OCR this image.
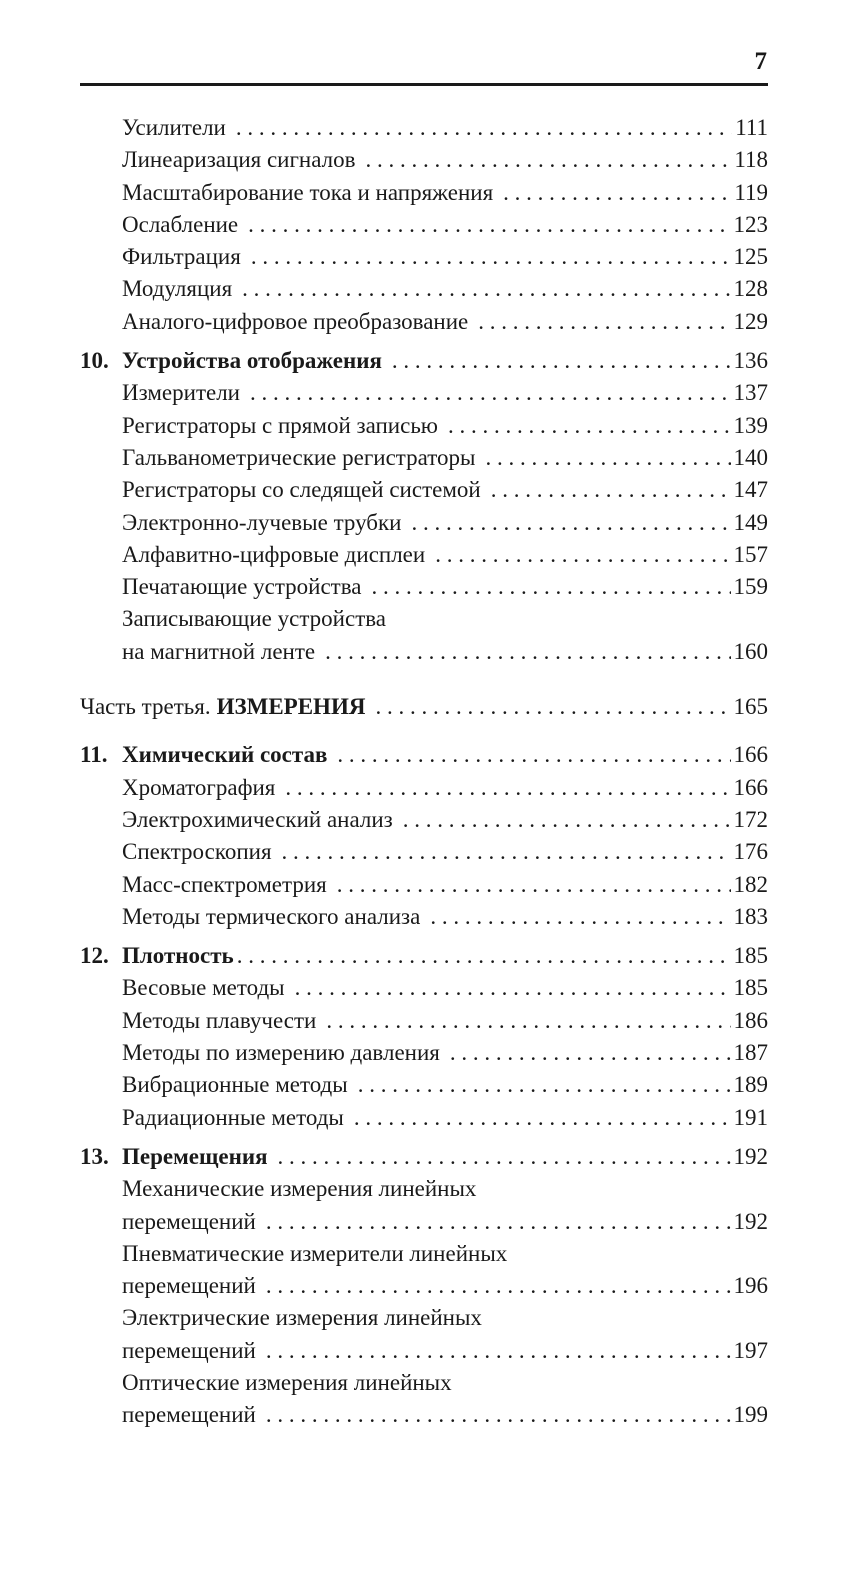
7
Усилители . . .	111
Линеаризация сигналов . . .	118
Масштабирование тока и напряжения . . .	119
Ослабление . . .	123
Фильтрация . . .	125
Модуляция . . .	128
Аналого-цифровое преобразование . . .	129
10. Устройства отображения . . .	136
Измерители . . .	137
Регистраторы с прямой записью . . .	139
Гальванометрические регистраторы . . .	140
Регистраторы со следящей системой . . .	147
Электронно-лучевые трубки . . .	149
Алфавитно-цифровые дисплеи . . .	157
Печатающие устройства . . .	159
Записывающие устройства
на магнитной ленте . . .	160
Часть третья. ИЗМЕРЕНИЯ . . .	165
11. Химический состав . . .	166
Хроматография . . .	166
Электрохимический анализ . . .	172
Спектроскопия . . .	176
Масс-спектрометрия . . .	182
Методы термического анализа . . .	183
12. Плотность . . .	185
Весовые методы . . .	185
Методы плавучести . . .	186
Методы по измерению давления . . .	187
Вибрационные методы . . .	189
Радиационные методы . . .	191
13. Перемещения . . .	192
Механические измерения линейных
перемещений . . .	192
Пневматические измерители линейных
перемещений . . .	196
Электрические измерения линейных
перемещений . . .	197
Оптические измерения линейных
перемещений . . .	199
